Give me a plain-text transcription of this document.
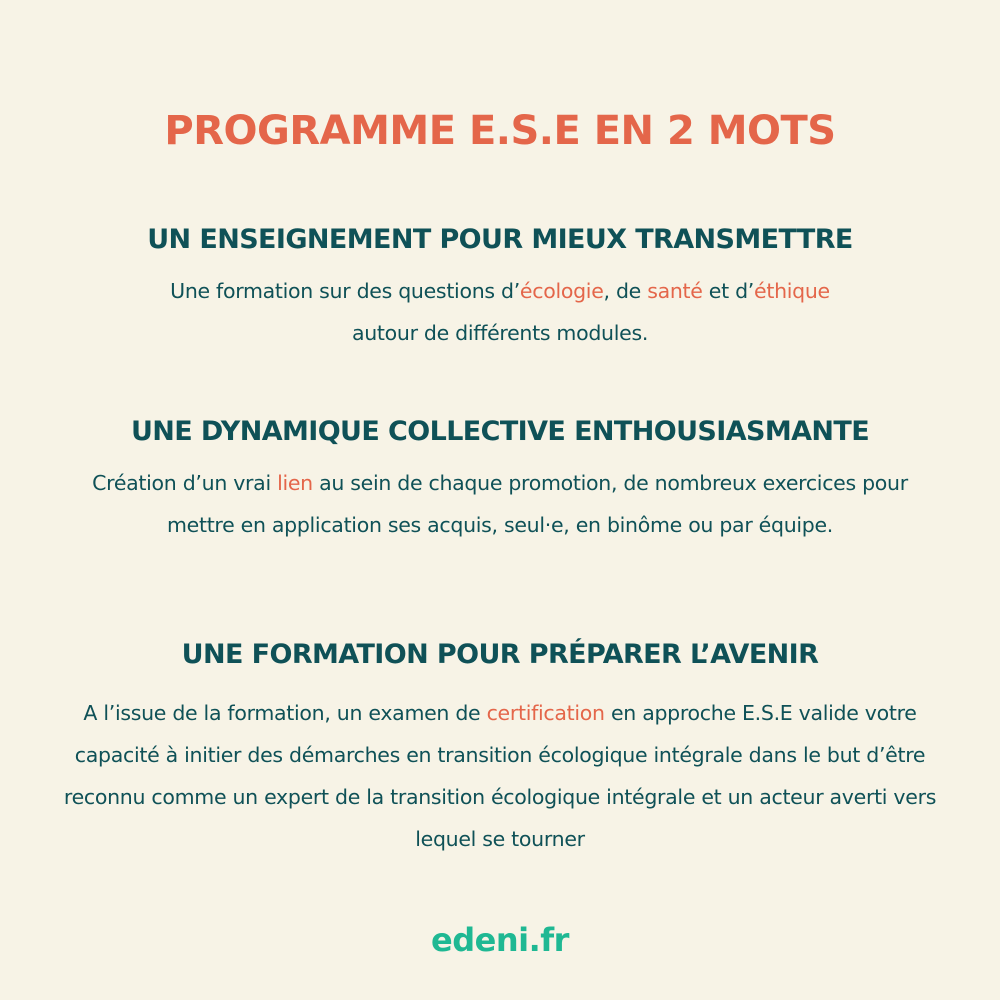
PROGRAMME E.S.E EN 2 MOTS
UN ENSEIGNEMENT POUR MIEUX TRANSMETTRE
Une formation sur des questions d’écologie, de santé et d’éthique
autour de différents modules.
UNE DYNAMIQUE COLLECTIVE ENTHOUSIASMANTE
Création d’un vrai lien au sein de chaque promotion, de nombreux exercices pour mettre en application ses acquis, seul·e, en binôme ou par équipe.
UNE FORMATION POUR PRÉPARER L’AVENIR
A l’issue de la formation, un examen de certification en approche E.S.E valide votre capacité à initier des démarches en transition écologique intégrale dans le but d’être reconnu comme un expert de la transition écologique intégrale et un acteur averti vers lequel se tourner
edeni.fr
